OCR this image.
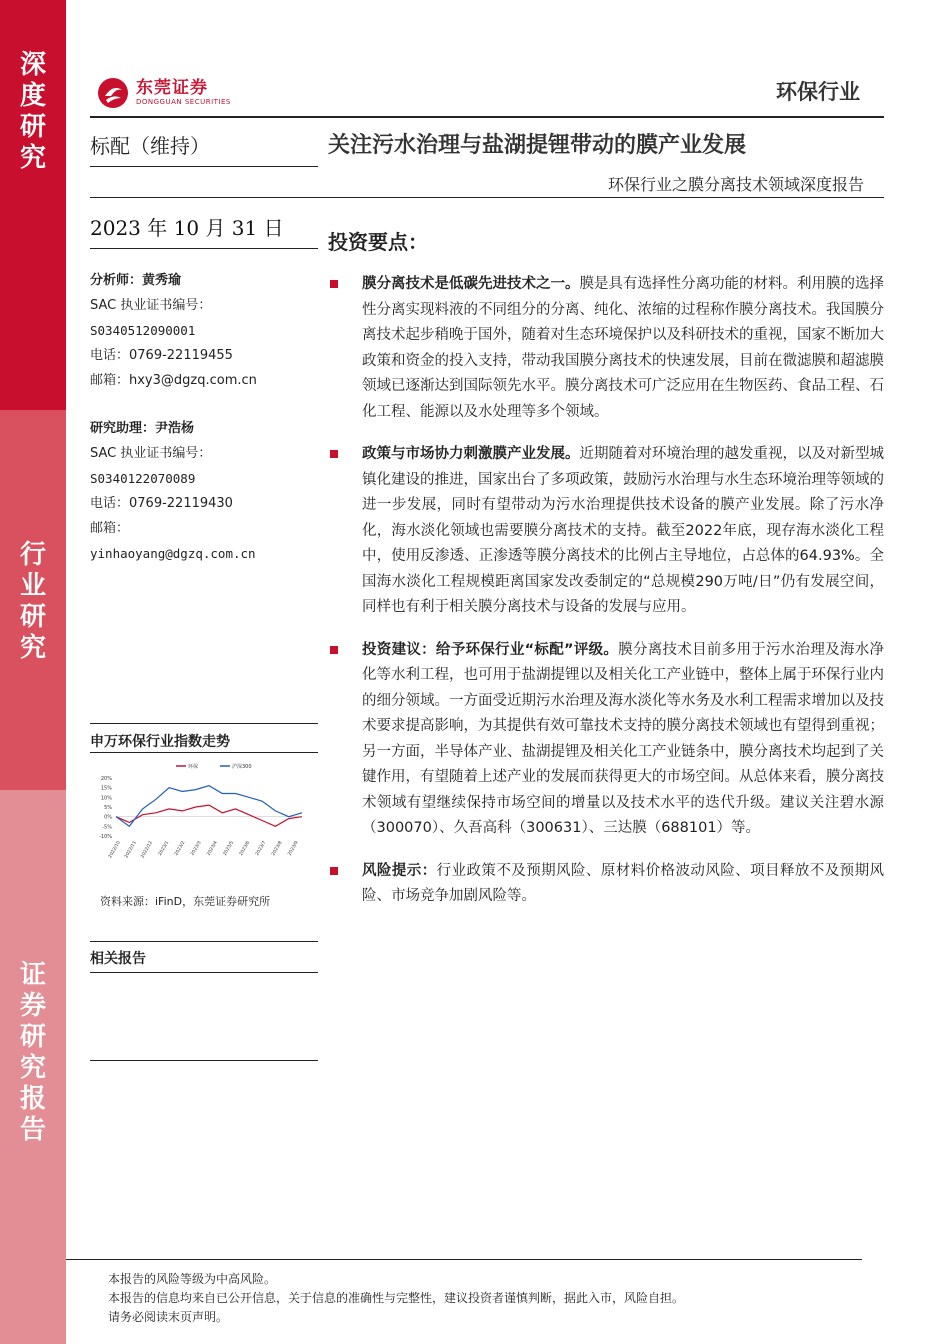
深度研究
行业研究
证券研究报告
东莞证券
DONGGUAN SECURITIES	环保行业
标配（维持）	关注污水治理与盐湖提锂带动的膜产业发展
环保行业之膜分离技术领域深度报告
2023 年 10 月 31 日
分析师：黄秀瑜
SAC 执业证书编号：
S0340512090001
电话：0769-22119455
邮箱：hxy3@dgzq.com.cn
研究助理：尹浩杨
SAC 执业证书编号：
S0340122070089
电话：0769-22119430
邮箱：
yinhaoyang@dgzq.com.cn
申万环保行业指数走势
20%
15%
10%
5%
0%
-5%
-10%
2022/10 2022/11 2022/12 2023/1 2023/2 2023/3 2023/4 2023/5 2023/6 2023/7 2023/8 2023/9
环保	沪深300
资料来源：iFinD，东莞证券研究所
相关报告
投资要点：
膜分离技术是低碳先进技术之一。膜是具有选择性分离功能的材料。利用膜的选择性分离实现料液的不同组分的分离、纯化、浓缩的过程称作膜分离技术。我国膜分离技术起步稍晚于国外，随着对生态环境保护以及科研技术的重视，国家不断加大政策和资金的投入支持，带动我国膜分离技术的快速发展，目前在微滤膜和超滤膜领域已逐渐达到国际领先水平。膜分离技术可广泛应用在生物医药、食品工程、石化工程、能源以及水处理等多个领域。
政策与市场协力刺激膜产业发展。近期随着对环境治理的越发重视，以及对新型城镇化建设的推进，国家出台了多项政策，鼓励污水治理与水生态环境治理等领域的进一步发展，同时有望带动为污水治理提供技术设备的膜产业发展。除了污水净化，海水淡化领域也需要膜分离技术的支持。截至2022年底，现存海水淡化工程中，使用反渗透、正渗透等膜分离技术的比例占主导地位，占总体的64.93%。全国海水淡化工程规模距离国家发改委制定的“总规模290万吨/日”仍有发展空间，同样也有利于相关膜分离技术与设备的发展与应用。
投资建议：给予环保行业“标配”评级。膜分离技术目前多用于污水治理及海水净化等水利工程，也可用于盐湖提锂以及相关化工产业链中，整体上属于环保行业内的细分领域。一方面受近期污水治理及海水淡化等水务及水利工程需求增加以及技术要求提高影响，为其提供有效可靠技术支持的膜分离技术领域也有望得到重视；另一方面，半导体产业、盐湖提锂及相关化工产业链条中，膜分离技术均起到了关键作用，有望随着上述产业的发展而获得更大的市场空间。从总体来看，膜分离技术领域有望继续保持市场空间的增量以及技术水平的迭代升级。建议关注碧水源（300070）、久吾高科（300631）、三达膜（688101）等。
风险提示：行业政策不及预期风险、原材料价格波动风险、项目释放不及预期风险、市场竞争加剧风险等。
本报告的风险等级为中高风险。
本报告的信息均来自已公开信息，关于信息的准确性与完整性，建议投资者谨慎判断，据此入市，风险自担。
请务必阅读末页声明。
